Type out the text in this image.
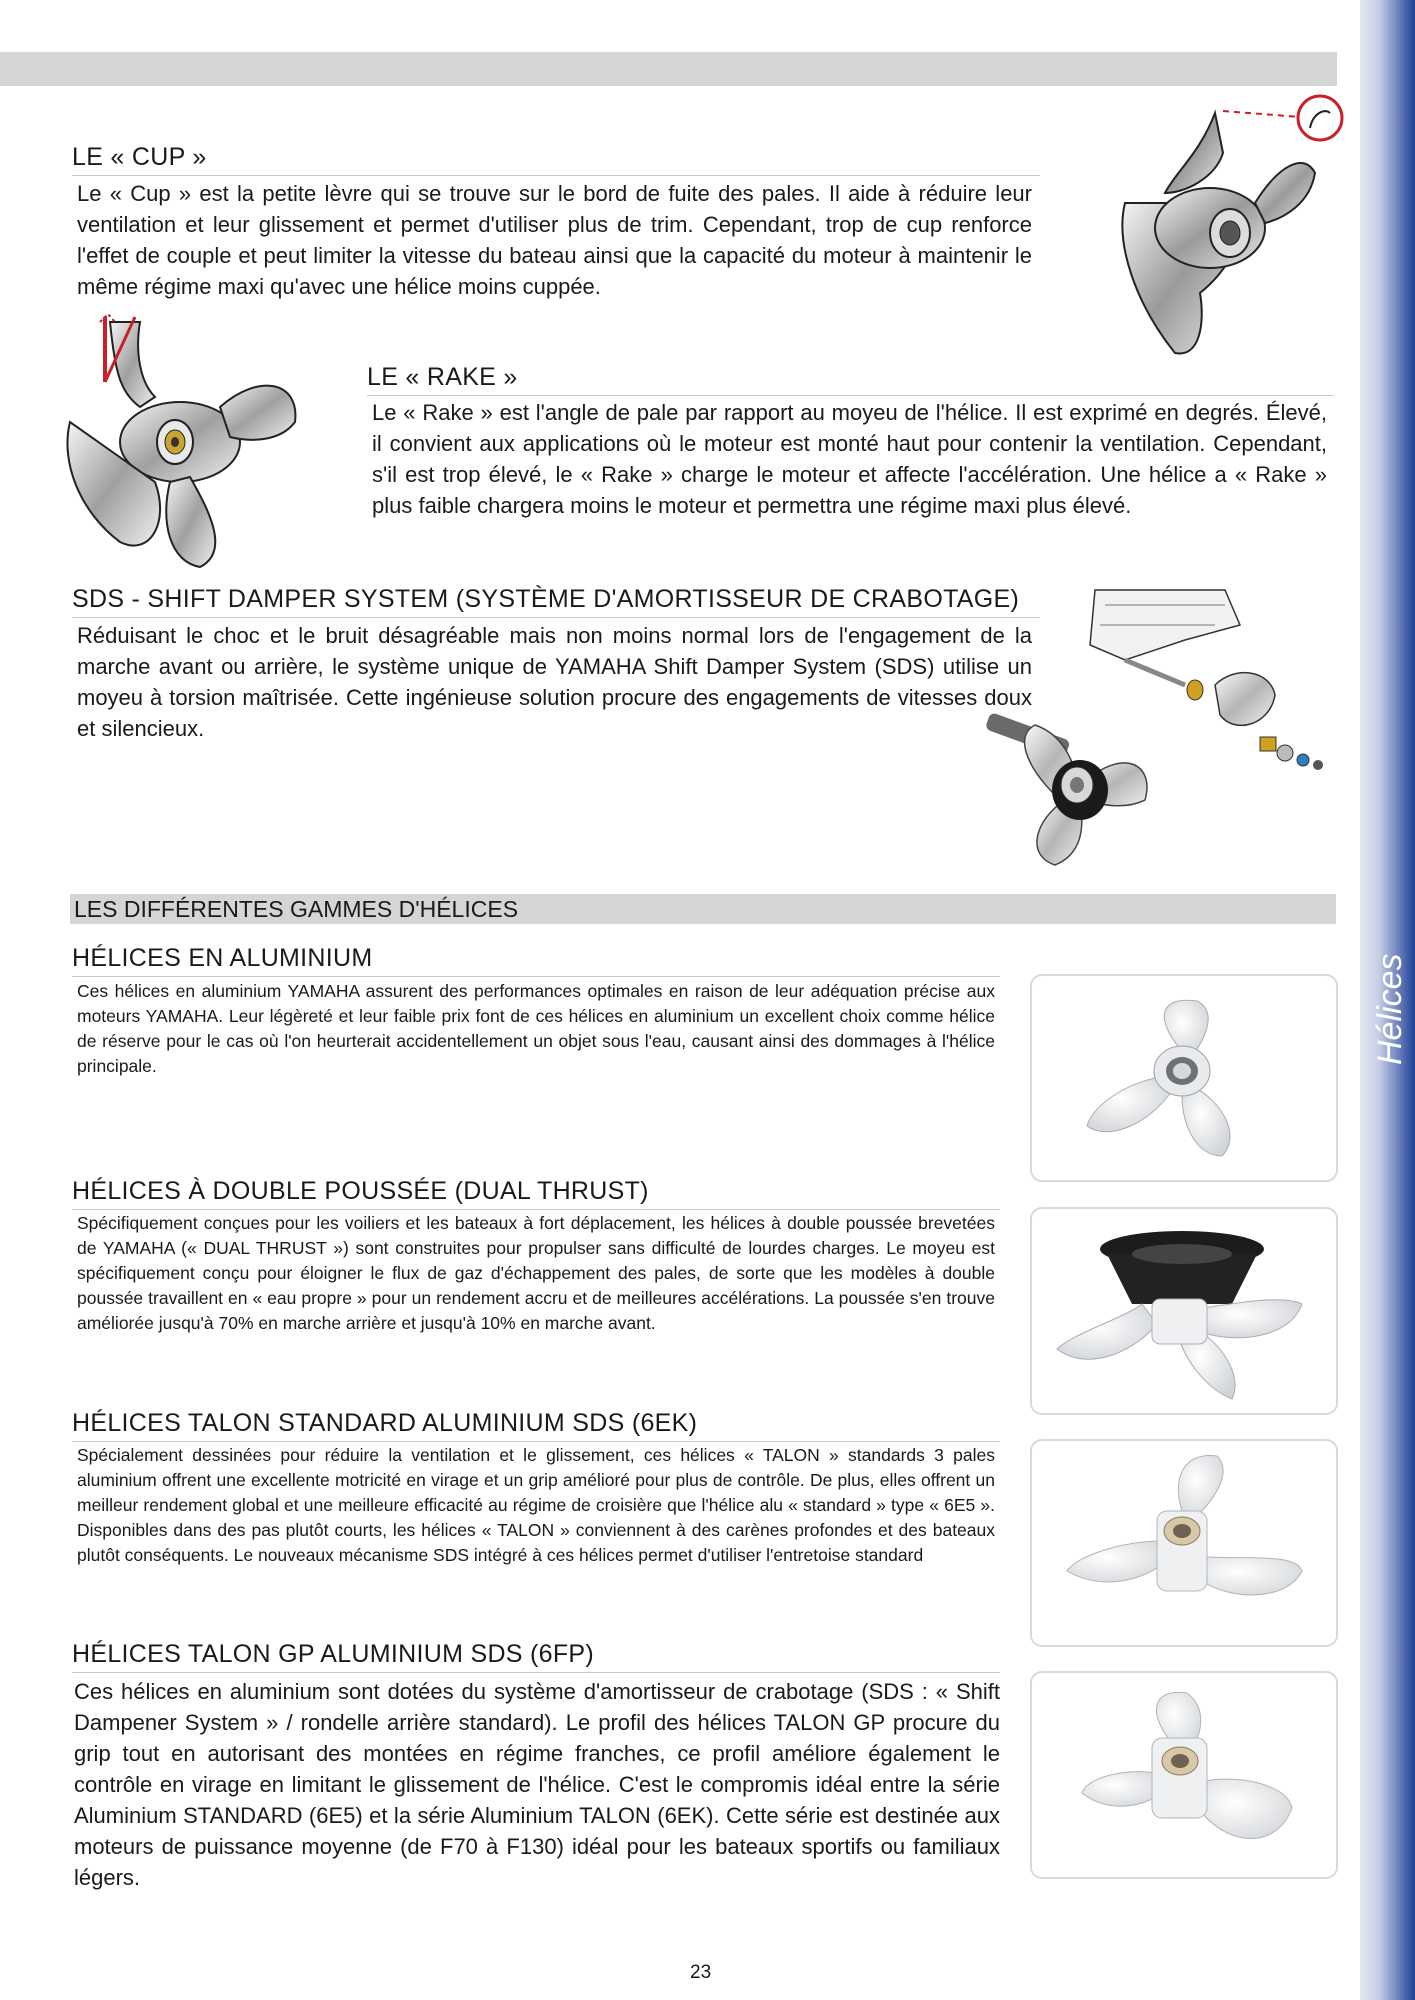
Hélices
LE « CUP »
Le « Cup » est la petite lèvre qui se trouve sur le bord de fuite des pales. Il aide à réduire leur ventilation et leur glissement et permet d'utiliser plus de trim. Cependant, trop de cup renforce l'effet de couple et peut limiter la vitesse du bateau ainsi que la capacité du moteur à maintenir le même régime maxi qu'avec une hélice moins cuppée.
LE « RAKE »
Le « Rake » est l'angle de pale par rapport au moyeu de l'hélice. Il est exprimé en degrés. Élevé, il convient aux applications où le moteur est monté haut pour contenir la ventilation. Cependant, s'il est trop élevé, le « Rake » charge le moteur et affecte l'accélération. Une hélice a « Rake » plus faible chargera moins le moteur et permettra une régime maxi plus élevé.
SDS - SHIFT DAMPER SYSTEM (SYSTÈME D'AMORTISSEUR DE CRABOTAGE)
Réduisant le choc et le bruit désagréable mais non moins normal lors de l'engagement de la marche avant ou arrière, le système unique de YAMAHA Shift Damper System (SDS) utilise un moyeu à torsion maîtrisée. Cette ingénieuse solution procure des engagements de vitesses doux et silencieux.
LES DIFFÉRENTES GAMMES D'HÉLICES
HÉLICES EN ALUMINIUM
Ces hélices en aluminium YAMAHA assurent des performances optimales en raison de leur adéquation précise aux moteurs YAMAHA. Leur légèreté et leur faible prix font de ces hélices en aluminium un excellent choix comme hélice de réserve pour le cas où l'on heurterait accidentellement un objet sous l'eau, causant ainsi des dommages à l'hélice principale.
HÉLICES À DOUBLE POUSSÉE (DUAL THRUST)
Spécifiquement conçues pour les voiliers et les bateaux à fort déplacement, les hélices à double poussée brevetées de YAMAHA (« DUAL THRUST ») sont construites pour propulser sans difficulté de lourdes charges. Le moyeu est spécifiquement conçu pour éloigner le flux de gaz d'échappement des pales, de sorte que les modèles à double poussée travaillent en « eau propre » pour un rendement accru et de meilleures accélérations. La poussée s'en trouve améliorée jusqu'à 70% en marche arrière et jusqu'à 10% en marche avant.
HÉLICES TALON STANDARD ALUMINIUM SDS (6EK)
Spécialement dessinées pour réduire la ventilation et le glissement, ces hélices « TALON » standards 3 pales aluminium offrent une excellente motricité en virage et un grip amélioré pour plus de contrôle. De plus, elles offrent un meilleur rendement global et une meilleure efficacité au régime de croisière que l'hélice alu « standard » type « 6E5 ». Disponibles dans des pas plutôt courts, les hélices « TALON » conviennent à des carènes profondes et des bateaux plutôt conséquents. Le nouveaux mécanisme SDS intégré à ces hélices permet d'utiliser l'entretoise standard
HÉLICES TALON GP ALUMINIUM SDS (6FP)
Ces hélices en aluminium sont dotées du système d'amortisseur de crabotage (SDS : « Shift Dampener System » / rondelle arrière standard). Le profil des hélices TALON GP procure du grip tout en autorisant des montées en régime franches, ce profil améliore également le contrôle en virage en limitant le glissement de l'hélice. C'est le compromis idéal entre la série Aluminium STANDARD (6E5) et la série Aluminium TALON (6EK). Cette série est destinée aux moteurs de puissance moyenne (de F70 à F130) idéal pour les bateaux sportifs ou familiaux légers.
23
